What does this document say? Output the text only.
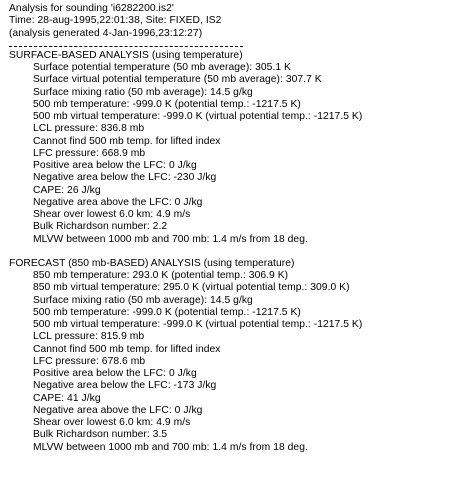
Analysis for sounding 'i6282200.is2'
Time: 28-aug-1995,22:01:38, Site: FIXED, IS2
(analysis generated 4-Jan-1996,23:12:27)
SURFACE-BASED ANALYSIS (using temperature)
Surface potential temperature (50 mb average): 305.1 K
Surface virtual potential temperature (50 mb average): 307.7 K
Surface mixing ratio (50 mb average): 14.5 g/kg
500 mb temperature: -999.0 K (potential temp.: -1217.5 K)
500 mb virtual temperature: -999.0 K (virtual potential temp.: -1217.5 K)
LCL pressure: 836.8 mb
Cannot find 500 mb temp. for lifted index
LFC pressure: 668.9 mb
Positive area below the LFC: 0 J/kg
Negative area below the LFC: -230 J/kg
CAPE: 26 J/kg
Negative area above the LFC: 0 J/kg
Shear over lowest 6.0 km: 4.9 m/s
Bulk Richardson number: 2.2
MLVW between 1000 mb and 700 mb: 1.4 m/s from 18 deg.
FORECAST (850 mb-BASED) ANALYSIS (using temperature)
850 mb temperature: 293.0 K (potential temp.: 306.9 K)
850 mb virtual temperature: 295.0 K (virtual potential temp.: 309.0 K)
Surface mixing ratio (50 mb average): 14.5 g/kg
500 mb temperature: -999.0 K (potential temp.: -1217.5 K)
500 mb virtual temperature: -999.0 K (virtual potential temp.: -1217.5 K)
LCL pressure: 815.9 mb
Cannot find 500 mb temp. for lifted index
LFC pressure: 678.6 mb
Positive area below the LFC: 0 J/kg
Negative area below the LFC: -173 J/kg
CAPE: 41 J/kg
Negative area above the LFC: 0 J/kg
Shear over lowest 6.0 km: 4.9 m/s
Bulk Richardson number: 3.5
MLVW between 1000 mb and 700 mb: 1.4 m/s from 18 deg.
